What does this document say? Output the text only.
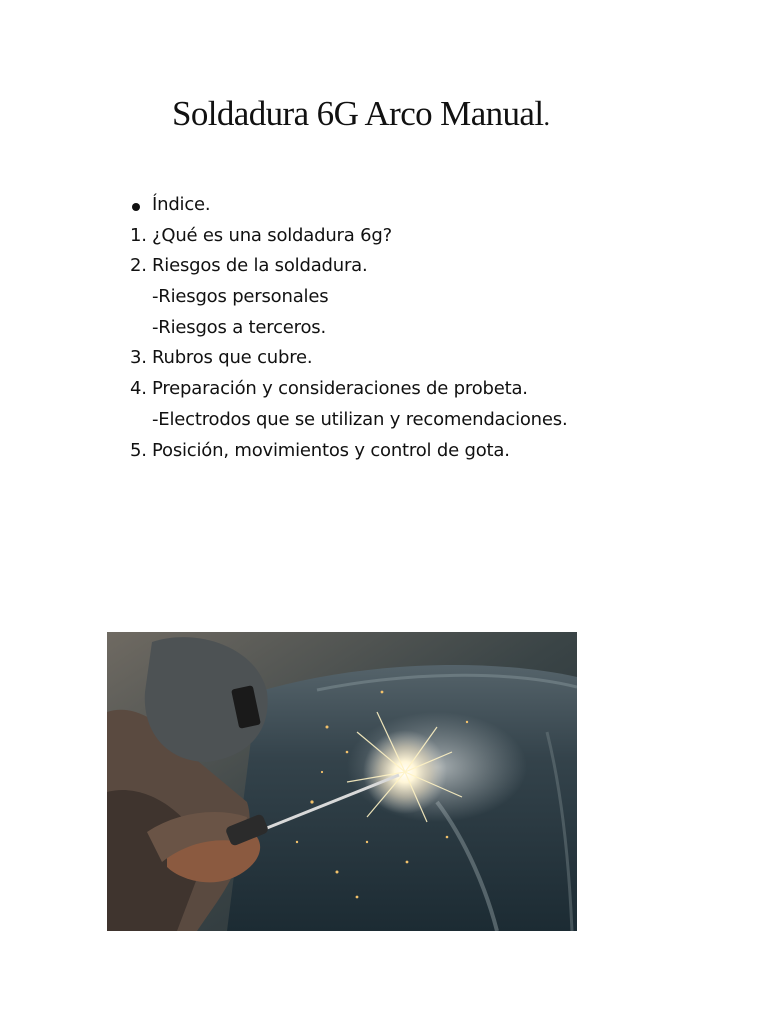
Soldadura 6G Arco Manual.
Índice.
1. ¿Qué es una soldadura 6g?
2. Riesgos de la soldadura.
-Riesgos personales
-Riesgos a terceros.
3. Rubros que cubre.
4. Preparación y consideraciones de probeta.
-Electrodos que se utilizan y recomendaciones.
5. Posición, movimientos y control de gota.
